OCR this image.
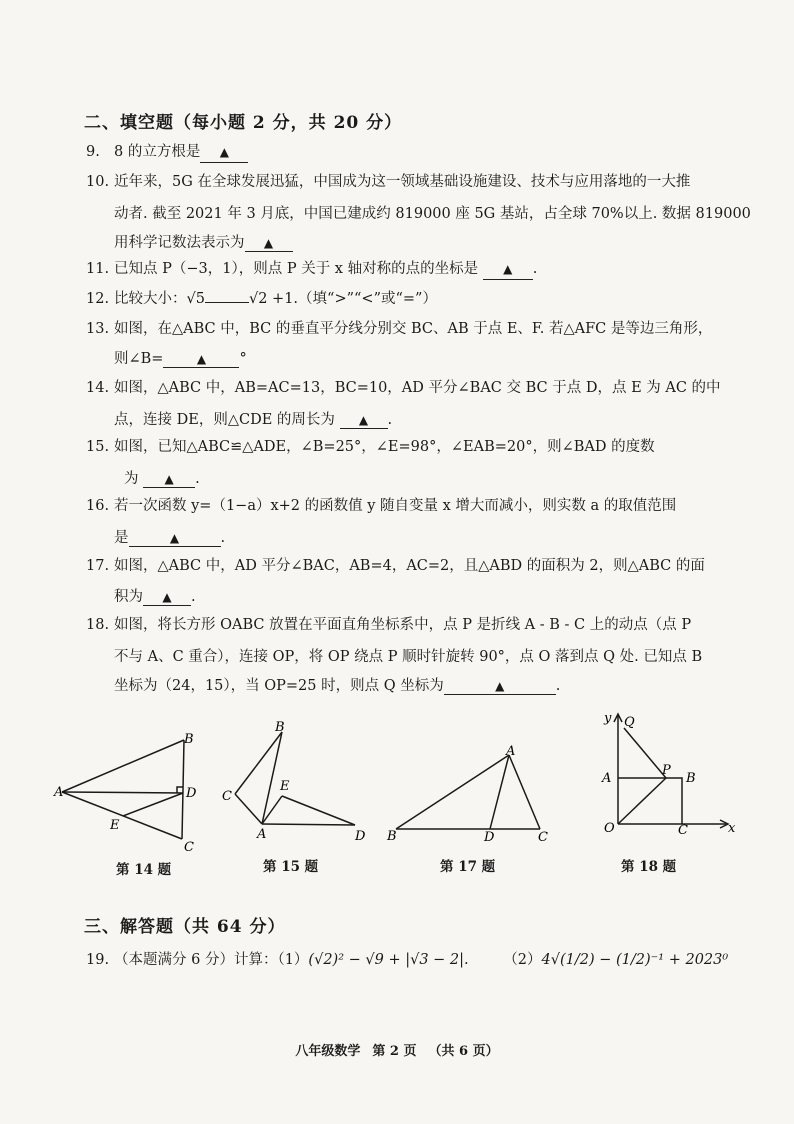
二、填空题（每小题 2 分，共 20 分）
9. 8 的立方根是 ▲
10. 近年来，5G 在全球发展迅猛，中国成为这一领域基础设施建设、技术与应用落地的一大推
动者. 截至 2021 年 3 月底，中国已建成约 819000 座 5G 基站，占全球 70%以上. 数据 819000
用科学记数法表示为 ▲
11. 已知点 P（−3，1），则点 P 关于 x 轴对称的点的坐标是 ▲ .
12. 比较大小：√5	√2 +1.（填“>”“<”或“=”）
13. 如图，在△ABC 中，BC 的垂直平分线分别交 BC、AB 于点 E、F. 若△AFC 是等边三角形，
则∠B=	▲ °
14. 如图，△ABC 中，AB=AC=13，BC=10，AD 平分∠BAC 交 BC 于点 D，点 E 为 AC 的中
点，连接 DE，则△CDE 的周长为 ▲ .
15. 如图，已知△ABC≌△ADE，∠B=25°，∠E=98°，∠EAB=20°，则∠BAD 的度数
为 ▲ .
16. 若一次函数 y=（1−a）x+2 的函数值 y 随自变量 x 增大而减小，则实数 a 的取值范围
是	▲	.
17. 如图，△ABC 中，AD 平分∠BAC，AB=4，AC=2，且△ABD 的面积为 2，则△ABC 的面
积为 ▲ .
18. 如图，将长方形 OABC 放置在平面直角坐标系中，点 P 是折线 A - B - C 上的动点（点 P
不与 A、C 重合），连接 OP，将 OP 绕点 P 顺时针旋转 90°，点 O 落到点 Q 处. 已知点 B
坐标为（24，15），当 OP=25 时，则点 Q 坐标为	▲	.
A
B
C
D
E
第 14 题
B
C
A	D
E
第 15 题
A
B	D	C
第 17 题
y Q
A
P
B
O	C	x
第 18 题
三、解答题（共 64 分）
19. （本题满分 6 分）计算：（1）(√2)² − √9 + |√3 − 2|. （2）4√(1/2) − (1/2)⁻¹ + 2023⁰
八年级数学 第 2 页 （共 6 页）
